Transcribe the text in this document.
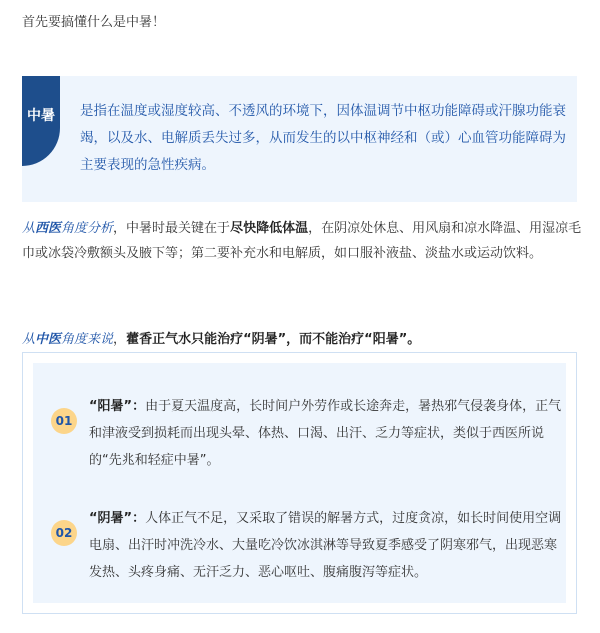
首先要搞懂什么是中暑！
中暑	是指在温度或湿度较高、不透风的环境下，因体温调节中枢功能障碍或汗腺功能衰竭，以及水、电解质丢失过多，从而发生的以中枢神经和（或）心血管功能障碍为主要表现的急性疾病。
从西医角度分析，中暑时最关键在于尽快降低体温，在阴凉处休息、用风扇和凉水降温、用湿凉毛巾或冰袋冷敷额头及腋下等；第二要补充水和电解质，如口服补液盐、淡盐水或运动饮料。
从中医角度来说，藿香正气水只能治疗“阴暑”，而不能治疗“阳暑”。
01
“阳暑”：由于夏天温度高，长时间户外劳作或长途奔走，暑热邪气侵袭身体，正气和津液受到损耗而出现头晕、体热、口渴、出汗、乏力等症状，类似于西医所说的“先兆和轻症中暑”。
02
“阴暑”：人体正气不足，又采取了错误的解暑方式，过度贪凉，如长时间使用空调电扇、出汗时冲洗冷水、大量吃冷饮冰淇淋等导致夏季感受了阴寒邪气，出现恶寒发热、头疼身痛、无汗乏力、恶心呕吐、腹痛腹泻等症状。
